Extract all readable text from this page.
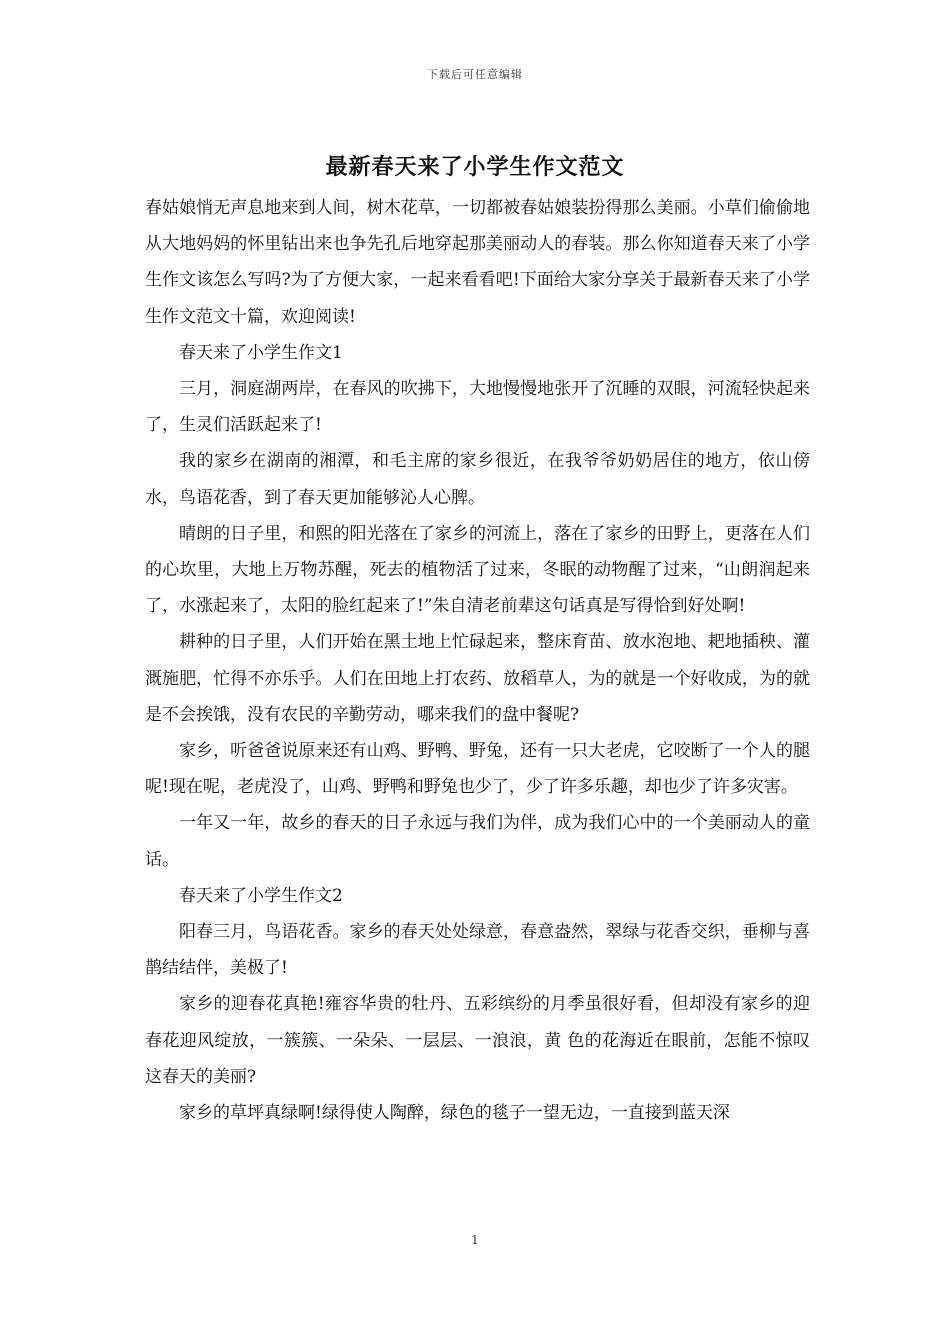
下载后可任意编辑
最新春天来了小学生作文范文

春姑娘悄无声息地来到人间，树木花草，一切都被春姑娘装扮得那么美丽。小草们偷偷地从大地妈妈的怀里钻出来也争先孔后地穿起那美丽动人的春装。那么你知道春天来了小学生作文该怎么写吗?为了方便大家，一起来看看吧!下面给大家分享关于最新春天来了小学生作文范文十篇，欢迎阅读!

春天来了小学生作文1

三月，洞庭湖两岸，在春风的吹拂下，大地慢慢地张开了沉睡的双眼，河流轻快起来了，生灵们活跃起来了!

我的家乡在湖南的湘潭，和毛主席的家乡很近，在我爷爷奶奶居住的地方，依山傍水，鸟语花香，到了春天更加能够沁人心脾。

晴朗的日子里，和熙的阳光落在了家乡的河流上，落在了家乡的田野上，更落在人们的心坎里，大地上万物苏醒，死去的植物活了过来，冬眠的动物醒了过来，“山朗润起来了，水涨起来了，太阳的脸红起来了!”朱自清老前辈这句话真是写得恰到好处啊!

耕种的日子里，人们开始在黑土地上忙碌起来，整床育苗、放水泡地、耙地插秧、灌溉施肥，忙得不亦乐乎。人们在田地上打农药、放稻草人，为的就是一个好收成，为的就是不会挨饿，没有农民的辛勤劳动，哪来我们的盘中餐呢?

家乡，听爸爸说原来还有山鸡、野鸭、野兔，还有一只大老虎，它咬断了一个人的腿呢!现在呢，老虎没了，山鸡、野鸭和野兔也少了，少了许多乐趣，却也少了许多灾害。

一年又一年，故乡的春天的日子永远与我们为伴，成为我们心中的一个美丽动人的童话。

春天来了小学生作文2

阳春三月，鸟语花香。家乡的春天处处绿意，春意盎然，翠绿与花香交织，垂柳与喜鹊结结伴，美极了!

家乡的迎春花真艳!雍容华贵的牡丹、五彩缤纷的月季虽很好看，但却没有家乡的迎春花迎风绽放，一簇簇、一朵朵、一层层、一浪浪，黄 色的花海近在眼前，怎能不惊叹这春天的美丽?

家乡的草坪真绿啊!绿得使人陶醉，绿色的毯子一望无边，一直接到蓝天深

1
